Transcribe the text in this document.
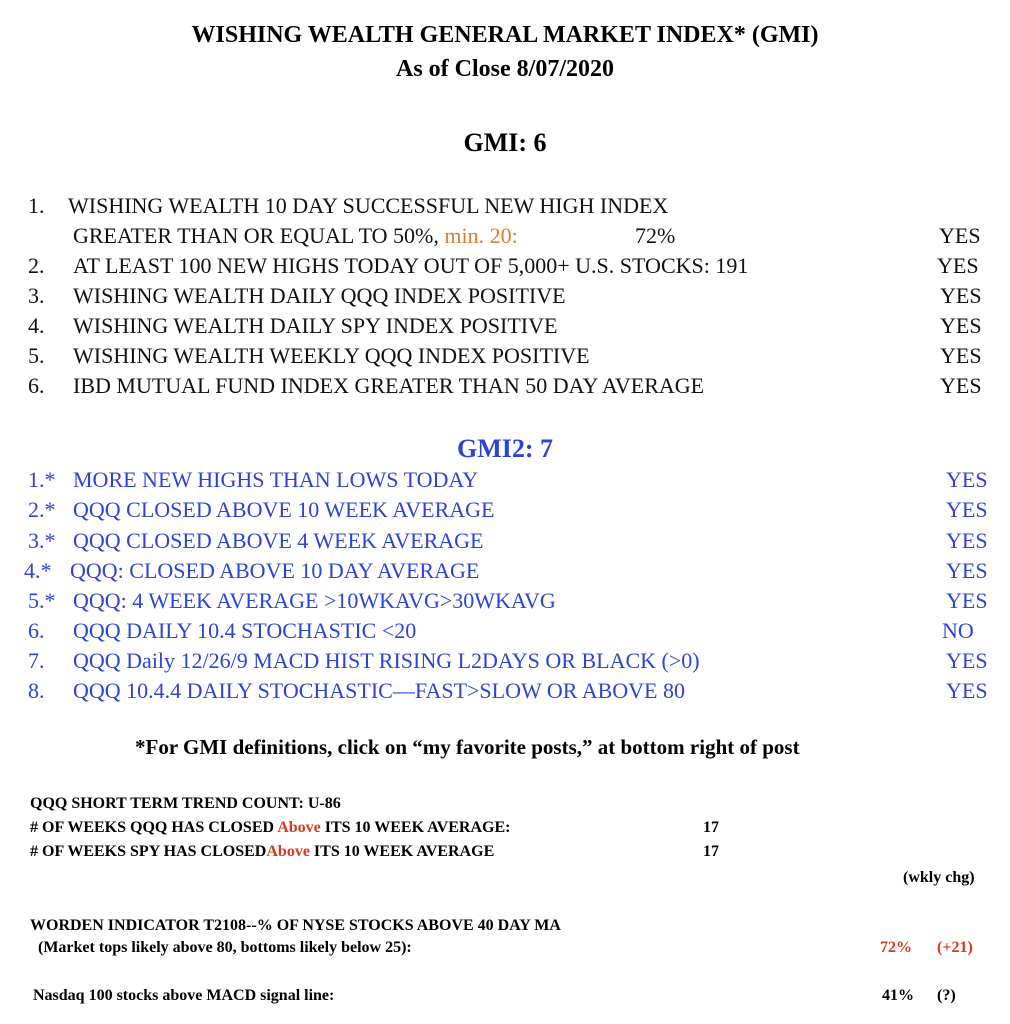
WISHING WEALTH GENERAL MARKET INDEX* (GMI)
As of Close 8/07/2020
GMI: 6
1. WISHING WEALTH 10 DAY SUCCESSFUL NEW HIGH INDEX
GREATER THAN OR EQUAL TO 50%, min. 20:	72%	YES
2. AT LEAST 100 NEW HIGHS TODAY OUT OF 5,000+ U.S. STOCKS: 191	YES
3. WISHING WEALTH DAILY QQQ INDEX POSITIVE	YES
4. WISHING WEALTH DAILY SPY INDEX POSITIVE	YES
5. WISHING WEALTH WEEKLY QQQ INDEX POSITIVE	YES
6. IBD MUTUAL FUND INDEX GREATER THAN 50 DAY AVERAGE	YES
GMI2: 7
1.* MORE NEW HIGHS THAN LOWS TODAY	YES
2.* QQQ CLOSED ABOVE 10 WEEK AVERAGE	YES
3.* QQQ CLOSED ABOVE 4 WEEK AVERAGE	YES
4.* QQQ: CLOSED ABOVE 10 DAY AVERAGE	YES
5.* QQQ: 4 WEEK AVERAGE >10WKAVG>30WKAVG	YES
6. QQQ DAILY 10.4 STOCHASTIC <20	NO
7. QQQ Daily 12/26/9 MACD HIST RISING L2DAYS OR BLACK (>0)	YES
8. QQQ 10.4.4 DAILY STOCHASTIC—FAST>SLOW OR ABOVE 80	YES
*For GMI definitions, click on “my favorite posts,” at bottom right of post
QQQ SHORT TERM TREND COUNT: U-86
# OF WEEKS QQQ HAS CLOSED Above ITS 10 WEEK AVERAGE:	17
# OF WEEKS SPY HAS CLOSEDAbove ITS 10 WEEK AVERAGE	17
(wkly chg)
WORDEN INDICATOR T2108--% OF NYSE STOCKS ABOVE 40 DAY MA
(Market tops likely above 80, bottoms likely below 25):	72% (+21)
Nasdaq 100 stocks above MACD signal line:	41% (?)
